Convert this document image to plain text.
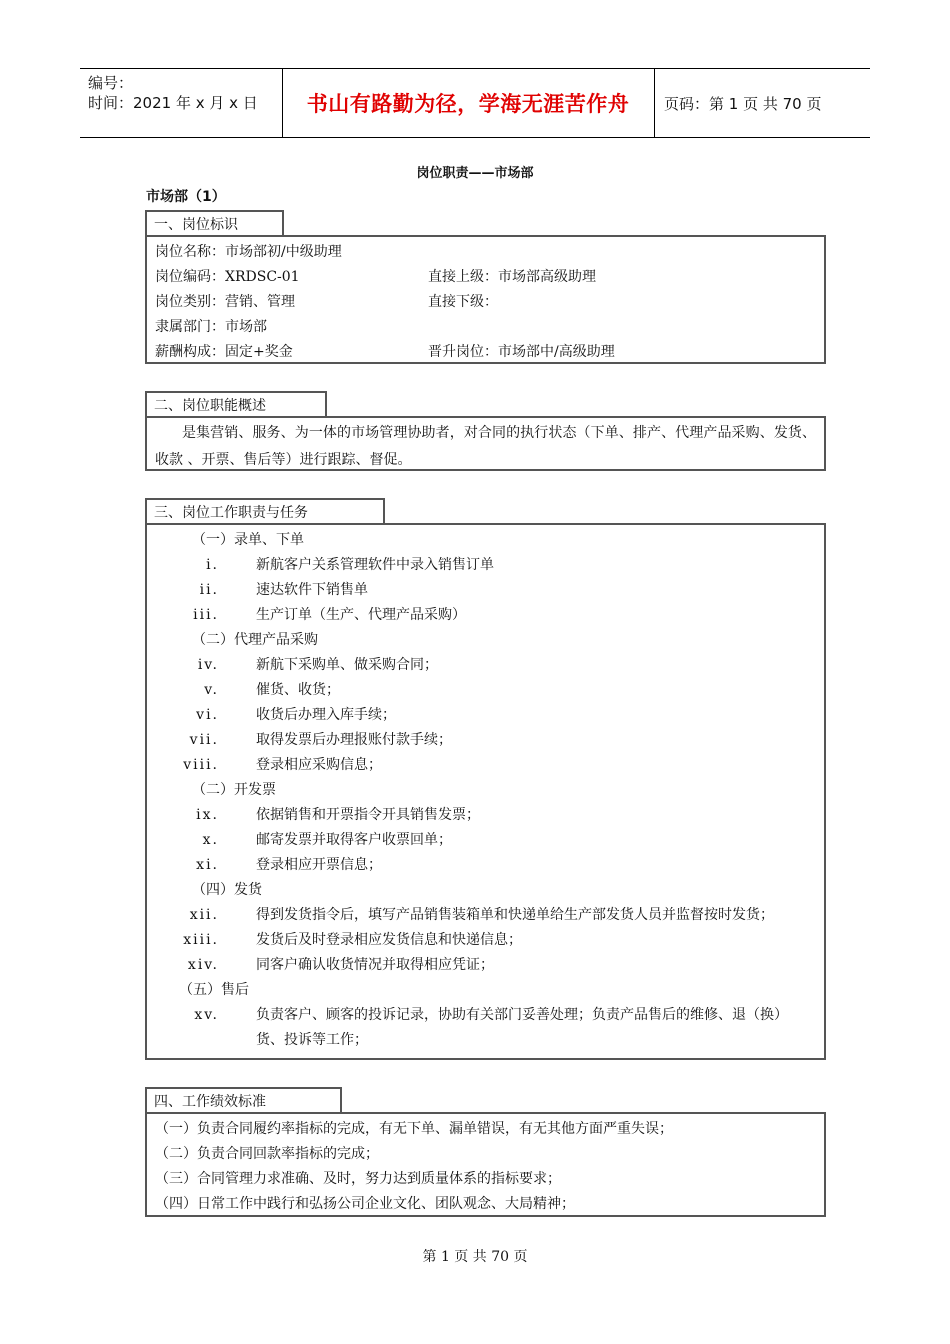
编号：
时间：2021 年 x 月 x 日	书山有路勤为径，学海无涯苦作舟	页码：第 1 页 共 70 页
岗位职责——市场部
市场部（1）
一、岗位标识
岗位名称：市场部初/中级助理
岗位编码：XRDSC-01	直接上级：市场部高级助理
岗位类别：营销、管理	直接下级：
隶属部门：市场部
薪酬构成：固定+奖金	晋升岗位：市场部中/高级助理
二、岗位职能概述
是集营销、服务、为一体的市场管理协助者，对合同的执行状态（下单、排产、代理产品采购、发货、收款 、开票、售后等）进行跟踪、督促。
三、岗位工作职责与任务
（一）录单、下单
i.	新航客户关系管理软件中录入销售订单
ii.	速达软件下销售单
iii.	生产订单（生产、代理产品采购）
（二）代理产品采购
iv.	新航下采购单、做采购合同；
v.	催货、收货；
vi.	收货后办理入库手续；
vii.	取得发票后办理报账付款手续；
viii.	登录相应采购信息；
（二）开发票
ix.	依据销售和开票指令开具销售发票；
x.	邮寄发票并取得客户收票回单；
xi.	登录相应开票信息；
（四）发货
xii.	得到发货指令后，填写产品销售装箱单和快递单给生产部发货人员并监督按时发货；
xiii.	发货后及时登录相应发货信息和快递信息；
xiv.	同客户确认收货情况并取得相应凭证；
（五）售后
xv.	负责客户、顾客的投诉记录，协助有关部门妥善处理；负责产品售后的维修、退（换）
货、投诉等工作；
四、工作绩效标准
（一）负责合同履约率指标的完成，有无下单、漏单错误，有无其他方面严重失误；
（二）负责合同回款率指标的完成；
（三）合同管理力求准确、及时，努力达到质量体系的指标要求；
（四）日常工作中践行和弘扬公司企业文化、团队观念、大局精神；
第 1 页 共 70 页
